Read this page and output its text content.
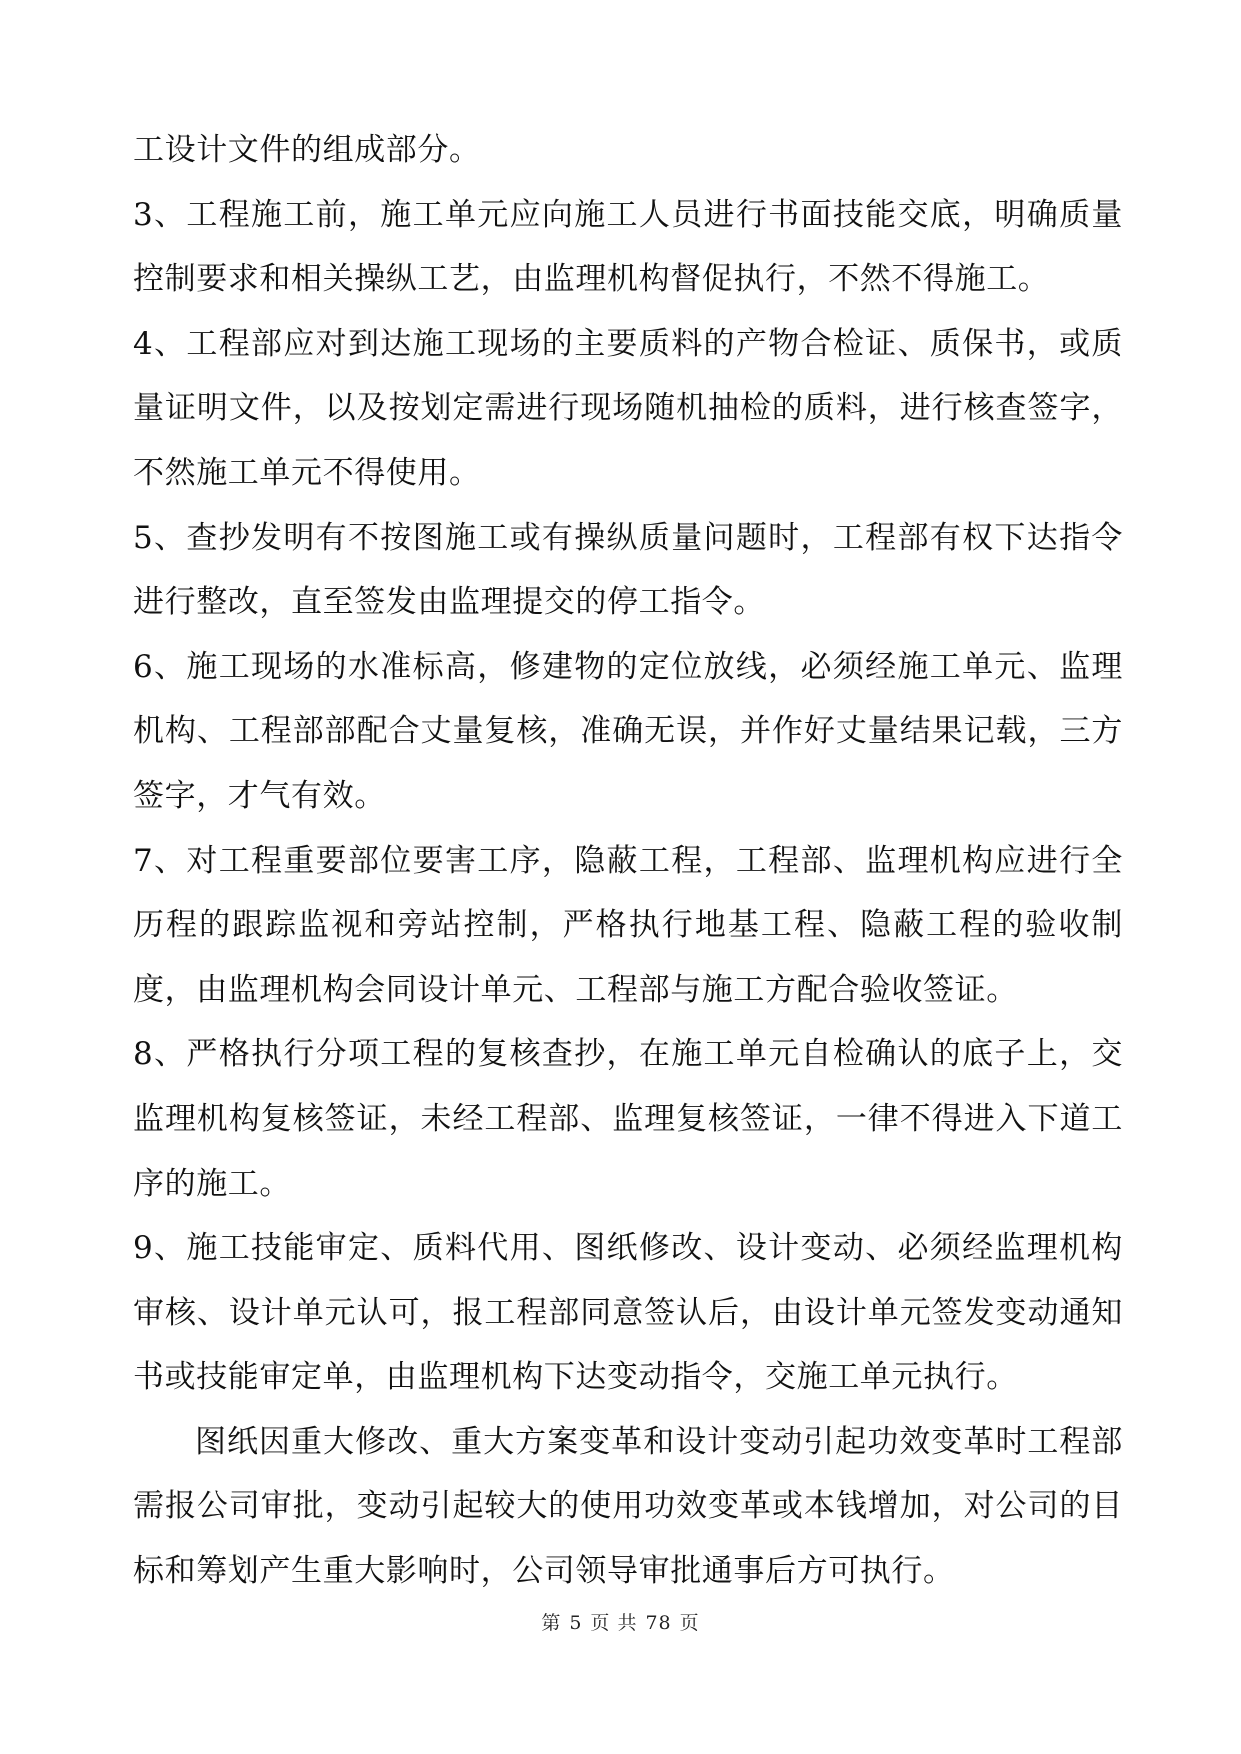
工设计文件的组成部分。

3、工程施工前，施工单元应向施工人员进行书面技能交底，明确质量控制要求和相关操纵工艺，由监理机构督促执行，不然不得施工。

4、工程部应对到达施工现场的主要质料的产物合检证、质保书，或质量证明文件，以及按划定需进行现场随机抽检的质料，进行核查签字，不然施工单元不得使用。

5、查抄发明有不按图施工或有操纵质量问题时，工程部有权下达指令进行整改，直至签发由监理提交的停工指令。

6、施工现场的水准标高，修建物的定位放线，必须经施工单元、监理机构、工程部部配合丈量复核，准确无误，并作好丈量结果记载，三方签字，才气有效。

7、对工程重要部位要害工序，隐蔽工程，工程部、监理机构应进行全历程的跟踪监视和旁站控制，严格执行地基工程、隐蔽工程的验收制度，由监理机构会同设计单元、工程部与施工方配合验收签证。

8、严格执行分项工程的复核查抄，在施工单元自检确认的底子上，交监理机构复核签证，未经工程部、监理复核签证，一律不得进入下道工序的施工。

9、施工技能审定、质料代用、图纸修改、设计变动、必须经监理机构审核、设计单元认可，报工程部同意签认后，由设计单元签发变动通知书或技能审定单，由监理机构下达变动指令，交施工单元执行。

图纸因重大修改、重大方案变革和设计变动引起功效变革时工程部需报公司审批，变动引起较大的使用功效变革或本钱增加，对公司的目标和筹划产生重大影响时，公司领导审批通事后方可执行。

第 5 页 共 78 页
